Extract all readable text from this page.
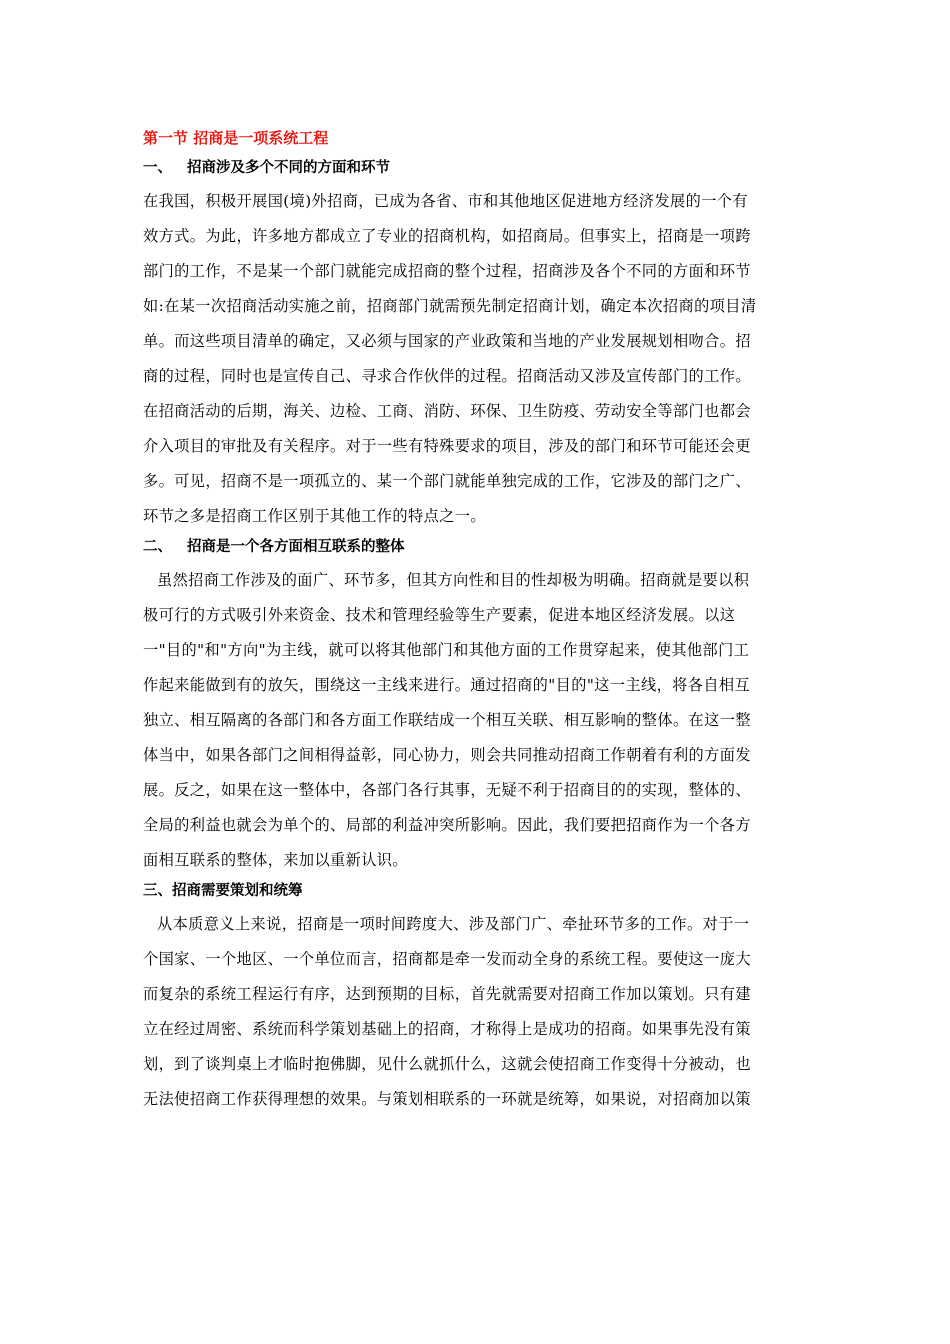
第一节 招商是一项系统工程
一、 招商涉及多个不同的方面和环节
在我国，积极开展国(境)外招商，已成为各省、市和其他地区促进地方经济发展的一个有
效方式。为此，许多地方都成立了专业的招商机构，如招商局。但事实上，招商是一项跨
部门的工作，不是某一个部门就能完成招商的整个过程，招商涉及各个不同的方面和环节
如:在某一次招商活动实施之前，招商部门就需预先制定招商计划，确定本次招商的项目清
单。而这些项目清单的确定，又必须与国家的产业政策和当地的产业发展规划相吻合。招
商的过程，同时也是宣传自己、寻求合作伙伴的过程。招商活动又涉及宣传部门的工作。
在招商活动的后期，海关、边检、工商、消防、环保、卫生防疫、劳动安全等部门也都会
介入项目的审批及有关程序。对于一些有特殊要求的项目，涉及的部门和环节可能还会更
多。可见，招商不是一项孤立的、某一个部门就能单独完成的工作，它涉及的部门之广、
环节之多是招商工作区别于其他工作的特点之一。
二、 招商是一个各方面相互联系的整体
虽然招商工作涉及的面广、环节多，但其方向性和目的性却极为明确。招商就是要以积
极可行的方式吸引外来资金、技术和管理经验等生产要素，促进本地区经济发展。以这
一"目的"和"方向"为主线，就可以将其他部门和其他方面的工作贯穿起来，使其他部门工
作起来能做到有的放矢，围绕这一主线来进行。通过招商的"目的"这一主线，将各自相互
独立、相互隔离的各部门和各方面工作联结成一个相互关联、相互影响的整体。在这一整
体当中，如果各部门之间相得益彰，同心协力，则会共同推动招商工作朝着有利的方面发
展。反之，如果在这一整体中，各部门各行其事，无疑不利于招商目的的实现，整体的、
全局的利益也就会为单个的、局部的利益冲突所影响。因此，我们要把招商作为一个各方
面相互联系的整体，来加以重新认识。
三、招商需要策划和统筹
从本质意义上来说，招商是一项时间跨度大、涉及部门广、牵扯环节多的工作。对于一
个国家、一个地区、一个单位而言，招商都是牵一发而动全身的系统工程。要使这一庞大
而复杂的系统工程运行有序，达到预期的目标，首先就需要对招商工作加以策划。只有建
立在经过周密、系统而科学策划基础上的招商，才称得上是成功的招商。如果事先没有策
划，到了谈判桌上才临时抱佛脚，见什么就抓什么，这就会使招商工作变得十分被动，也
无法使招商工作获得理想的效果。与策划相联系的一环就是统筹，如果说，对招商加以策
